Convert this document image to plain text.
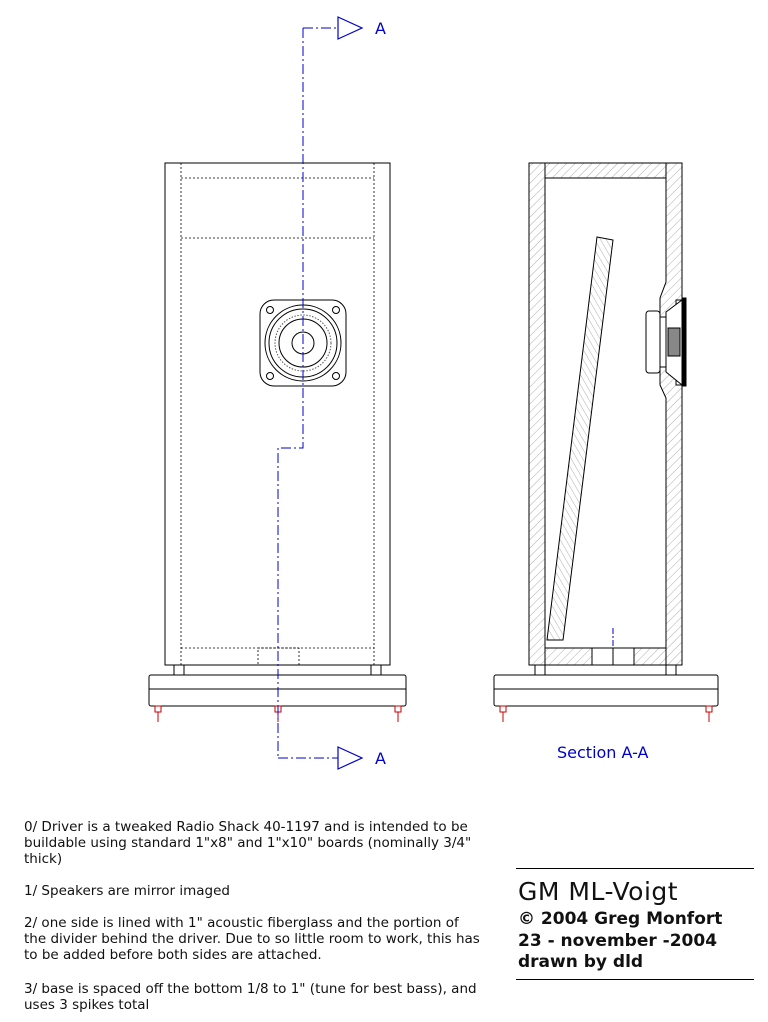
A
A	Section A-A
0/ Driver is a tweaked Radio Shack 40-1197 and is intended to be buildable using standard 1"x8" and 1"x10" boards (nominally 3/4" thick)
1/ Speakers are mirror imaged
2/ one side is lined with 1" acoustic fiberglass and the portion of the divider behind the driver. Due to so little room to work, this has to be added before both sides are attached.
3/ base is spaced off the bottom 1/8 to 1" (tune for best bass), and uses 3 spikes total
GM ML-Voigt
© 2004 Greg Monfort
23 - november -2004
drawn by dld
